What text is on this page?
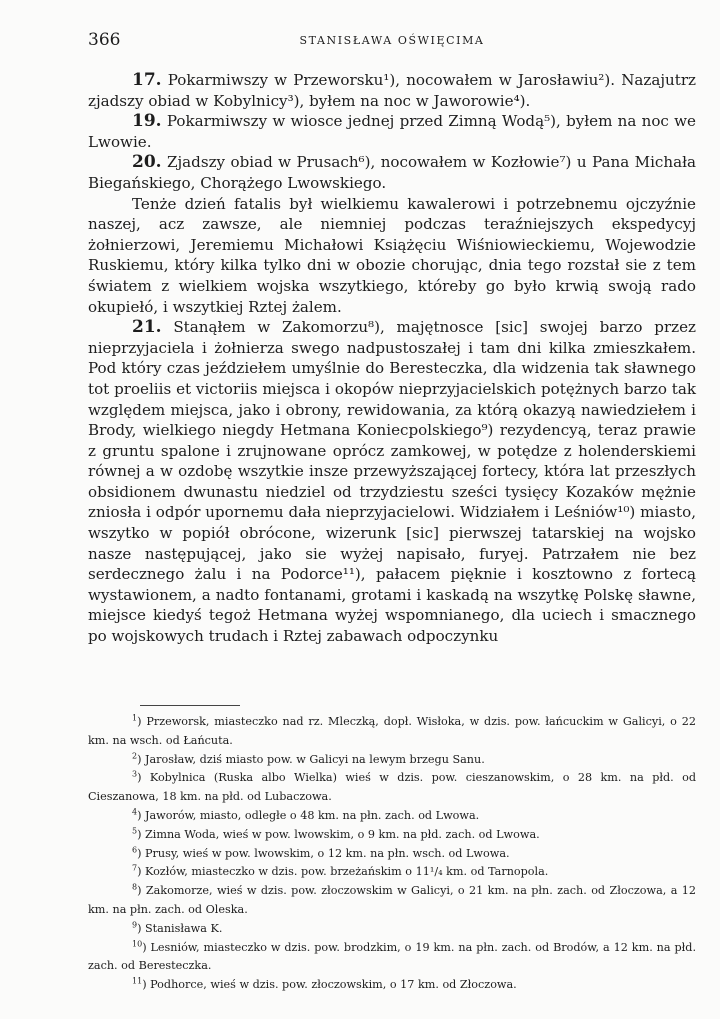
366	STANISŁAWA OŚWIĘCIMA

17. Pokarmiwszy w Przeworsku¹), nocowałem w Jarosławiu²). Nazajutrz zjadszy obiad w Kobylnicy³), byłem na noc w Jaworowie⁴).

19. Pokarmiwszy w wiosce jednej przed Zimną Wodą⁵), byłem na noc we Lwowie.

20. Zjadszy obiad w Prusach⁶), nocowałem w Kozłowie⁷) u Pana Michała Biegańskiego, Chorążego Lwowskiego.

Tenże dzień fatalis był wielkiemu kawalerowi i potrzebnemu ojczyźnie naszej, acz zawsze, ale niemniej podczas teraźniejszych ekspedycyj żołnierzowi, Jeremiemu Michałowi Książęciu Wiśniowieckiemu, Wojewodzie Ruskiemu, który kilka tylko dni w obozie chorując, dnia tego rozstał sie z tem światem z wielkiem wojska wszytkiego, któreby go było krwią swoją rado okupiełó, i wszytkiej Rztej żalem.

21. Stanąłem w Zakomorzu⁸), majętnosce [sic] swojej barzo przez nieprzyjaciela i żołnierza swego nadpustoszałej i tam dni kilka zmieszkałem. Pod który czas jeździełem umyślnie do Beresteczka, dla widzenia tak sławnego tot proeliis et victoriis miejsca i okopów nieprzyjacielskich potężnych barzo tak względem miejsca, jako i obrony, rewidowania, za którą okazyą nawiedziełem i Brody, wielkiego niegdy Hetmana Koniecpolskiego⁹) rezydencyą, teraz prawie z gruntu spalone i zrujnowane oprócz zamkowej, w potędze z holenderskiemi równej a w ozdobę wszytkie insze przewyższającej fortecy, która lat przeszłych obsidionem dwunastu niedziel od trzydziestu sześci tysięcy Kozaków mężnie zniosła i odpór upornemu dała nieprzyjacielowi. Widziałem i Leśniów¹⁰) miasto, wszytko w popiół obrócone, wizerunk [sic] pierwszej tatarskiej na wojsko nasze następującej, jako sie wyżej napisało, furyej. Patrzałem nie bez serdecznego żalu i na Podorce¹¹), pałacem pięknie i kosztowno z fortecą wystawionem, a nadto fontanami, grotami i kaskadą na wszytkę Polskę sławne, miejsce kiedyś tegoż Hetmana wyżej wspomnianego, dla uciech i smacznego po wojskowych trudach i Rztej zabawach odpoczynku

$^1$) Przeworsk, miasteczko nad rz. Mleczką, dopł. Wisłoka, w dzis. pow. łańcuckim w Galicyi, o 22 km. na wsch. od Łańcuta.

$^2$) Jarosław, dziś miasto pow. w Galicyi na lewym brzegu Sanu.

$^3$) Kobylnica (Ruska albo Wielka) wieś w dzis. pow. cieszanowskim, o 28 km. na płd. od Cieszanowa, 18 km. na płd. od Lubaczowa.

$^4$) Jaworów, miasto, odległe o 48 km. na płn. zach. od Lwowa.

$^5$) Zimna Woda, wieś w pow. lwowskim, o 9 km. na płd. zach. od Lwowa.

$^6$) Prusy, wieś w pow. lwowskim, o 12 km. na płn. wsch. od Lwowa.

$^7$) Kozłów, miasteczko w dzis. pow. brzeżańskim o 11¹/₄ km. od Tarnopola.

$^8$) Zakomorze, wieś w dzis. pow. złoczowskim w Galicyi, o 21 km. na płn. zach. od Złoczowa, a 12 km. na płn. zach. od Oleska.

$^9$) Stanisława K.

$^{10}$) Lesniów, miasteczko w dzis. pow. brodzkim, o 19 km. na płn. zach. od Brodów, a 12 km. na płd. zach. od Beresteczka.

$^{11}$) Podhorce, wieś w dzis. pow. złoczowskim, o 17 km. od Złoczowa.
